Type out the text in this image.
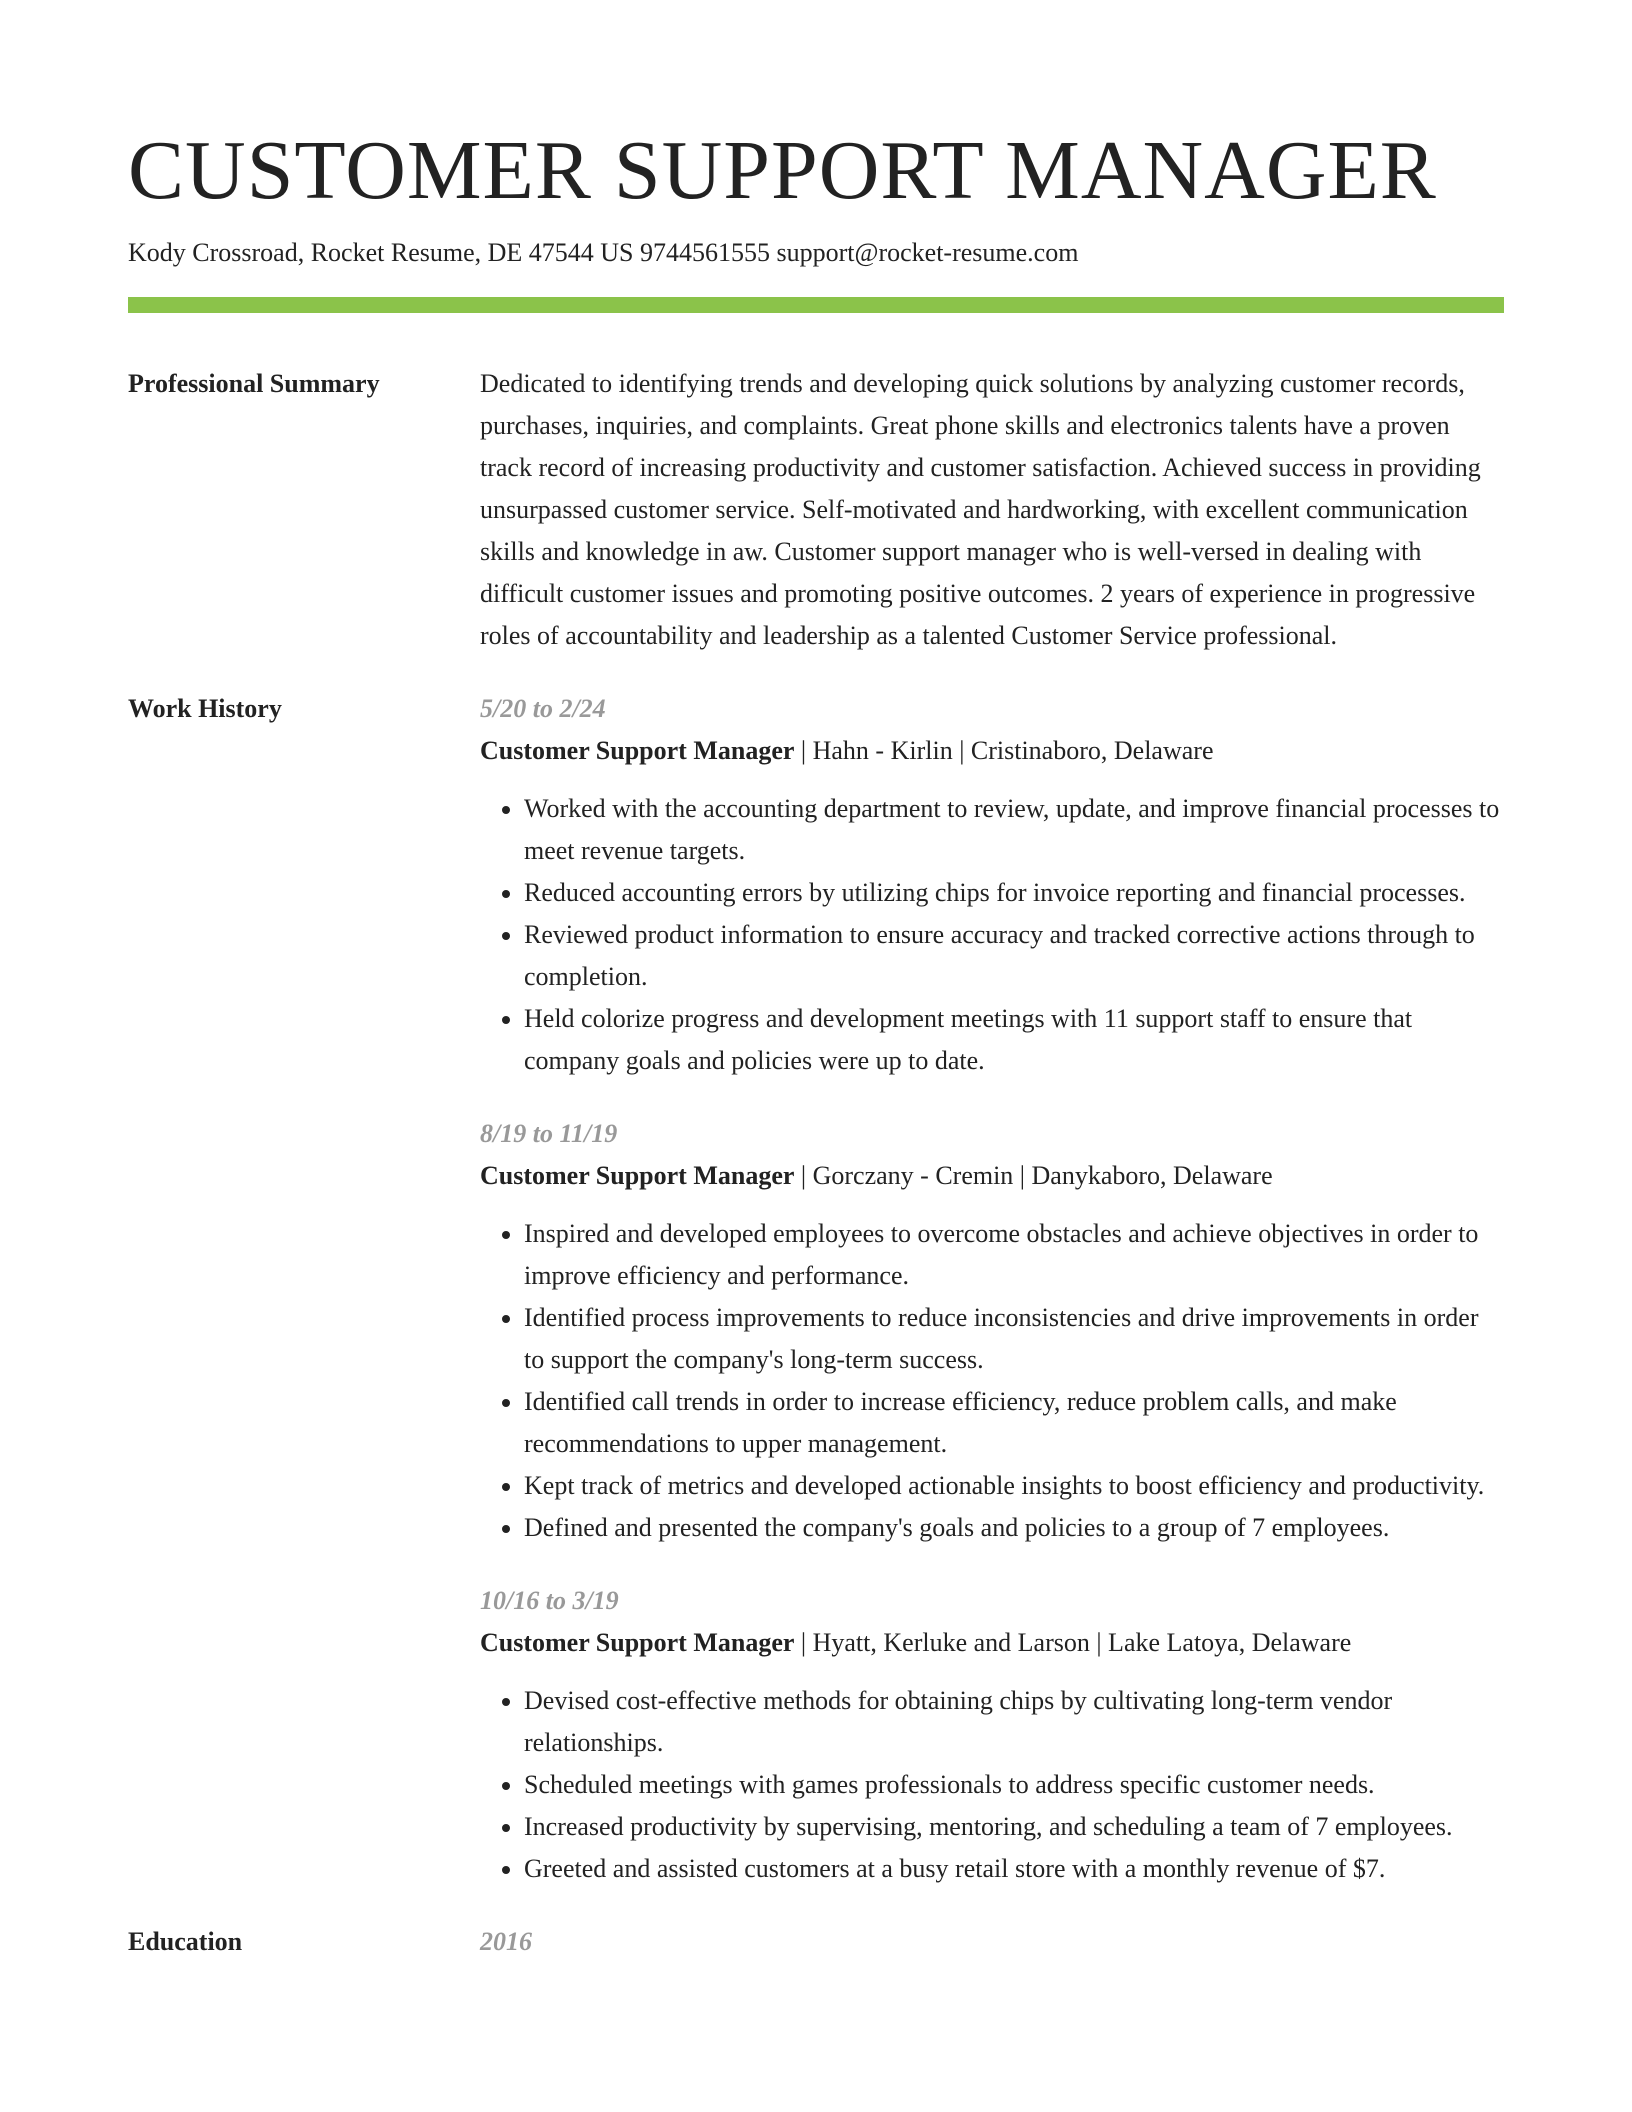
CUSTOMER SUPPORT MANAGER
Kody Crossroad, Rocket Resume, DE 47544 US 9744561555 support@rocket-resume.com
Professional Summary	Dedicated to identifying trends and developing quick solutions by analyzing customer records, purchases, inquiries, and complaints. Great phone skills and electronics talents have a proven track record of increasing productivity and customer satisfaction. Achieved success in providing unsurpassed customer service. Self-motivated and hardworking, with excellent communication skills and knowledge in aw. Customer support manager who is well-versed in dealing with difficult customer issues and promoting positive outcomes. 2 years of experience in progressive roles of accountability and leadership as a talented Customer Service professional.

Work History	5/20 to 2/24
Customer Support Manager | Hahn - Kirlin | Cristinaboro, Delaware
• Worked with the accounting department to review, update, and improve financial processes to meet revenue targets.
• Reduced accounting errors by utilizing chips for invoice reporting and financial processes.
• Reviewed product information to ensure accuracy and tracked corrective actions through to completion.
• Held colorize progress and development meetings with 11 support staff to ensure that company goals and policies were up to date.
8/19 to 11/19
Customer Support Manager | Gorczany - Cremin | Danykaboro, Delaware
• Inspired and developed employees to overcome obstacles and achieve objectives in order to improve efficiency and performance.
• Identified process improvements to reduce inconsistencies and drive improvements in order to support the company's long-term success.
• Identified call trends in order to increase efficiency, reduce problem calls, and make recommendations to upper management.
• Kept track of metrics and developed actionable insights to boost efficiency and productivity.
• Defined and presented the company's goals and policies to a group of 7 employees.
10/16 to 3/19
Customer Support Manager | Hyatt, Kerluke and Larson | Lake Latoya, Delaware
• Devised cost-effective methods for obtaining chips by cultivating long-term vendor relationships.
• Scheduled meetings with games professionals to address specific customer needs.
• Increased productivity by supervising, mentoring, and scheduling a team of 7 employees.
• Greeted and assisted customers at a busy retail store with a monthly revenue of $7.
Education	2016
